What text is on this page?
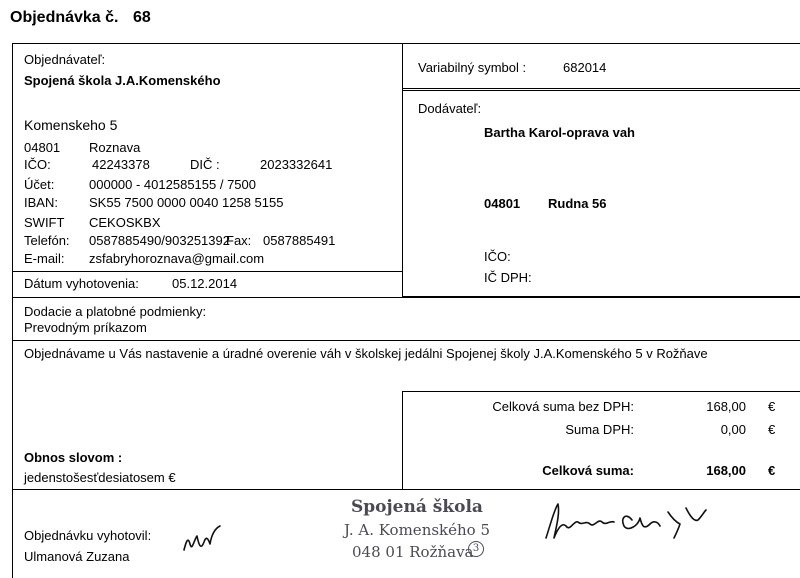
Objednávka č. 68
Objednávateľ:
Spojená škola J.A.Komenského
Komenskeho 5
04801 Roznava
IČO:	42243378	DIČ :	2023332641
Účet:	000000 - 4012585155 / 7500
IBAN: SK55 7500 0000 0040 1258 5155
SWIFT CEKOSKBX
Telefón: 0587885490/903251392
Fax: 0587885491
E-mail: zsfabryhoroznava@gmail.com
Dátum vyhotovenia:	05.12.2014
Variabilný symbol :	682014
Dodávateľ:
Bartha Karol-oprava vah
04801 Rudna 56
IČO:
IČ DPH:
Dodacie a platobné podmienky:
Prevodným príkazom
Objednávame u Vás nastavenie a úradné overenie váh v školskej jedálni Spojenej školy J.A.Komenského 5 v Rožňave
Celková suma bez DPH:	168,00 €
Suma DPH:	0,00 €
Celková suma:	168,00 €
Obnos slovom :
jedenstošesťdesiatosem €
Objednávku vyhotovil:
Ulmanová Zuzana
Spojená škola
J. A. Komenského 5
048 01 Rožňava 3
